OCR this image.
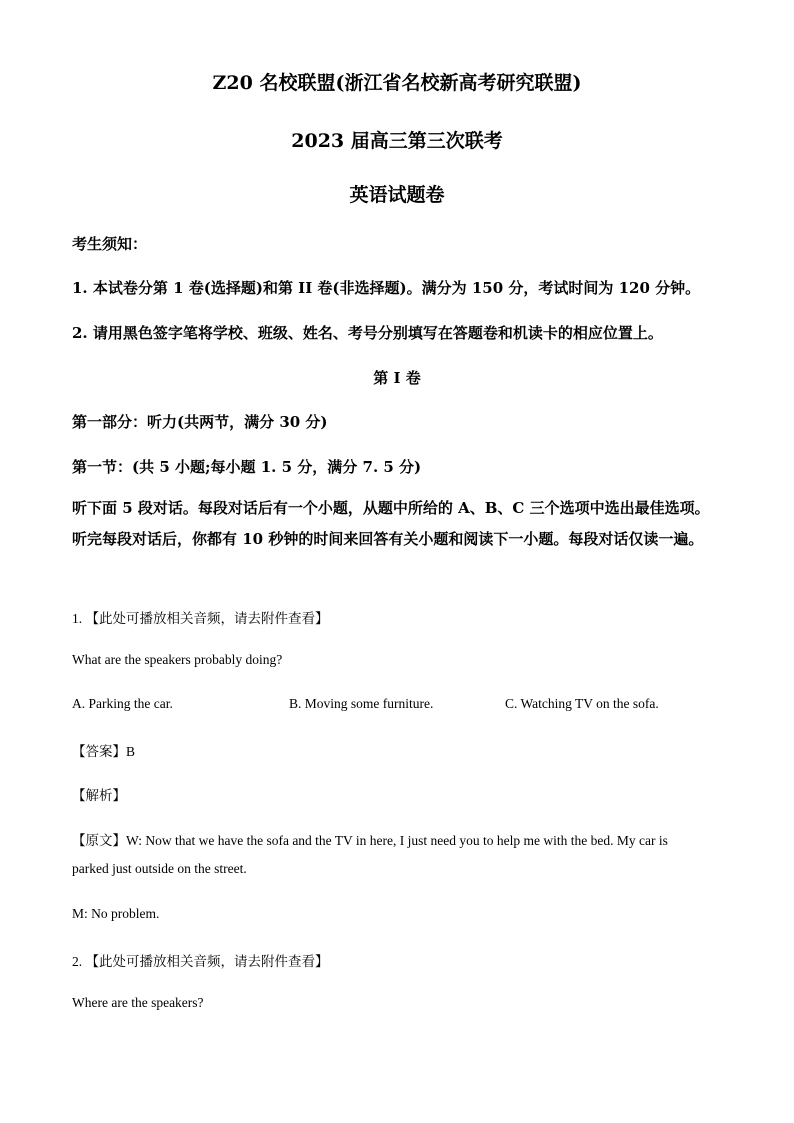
Z20 名校联盟(浙江省名校新高考研究联盟)
2023 届高三第三次联考
英语试题卷
考生须知：
1. 本试卷分第 1 卷(选择题)和第 II 卷(非选择题)。满分为 150 分，考试时间为 120 分钟。
2. 请用黑色签字笔将学校、班级、姓名、考号分别填写在答题卷和机读卡的相应位置上。
第 I 卷
第一部分：听力(共两节，满分 30 分)
第一节：(共 5 小题;每小题 1. 5 分，满分 7. 5 分)
听下面 5 段对话。每段对话后有一个小题，从题中所给的 A、B、C 三个选项中选出最佳选项。听完每段对话后，你都有 10 秒钟的时间来回答有关小题和阅读下一小题。每段对话仅读一遍。
1. 【此处可播放相关音频，请去附件查看】
What are the speakers probably doing?
A. Parking the car.	B. Moving some furniture.	C. Watching TV on the sofa.
【答案】B
【解析】
【原文】W: Now that we have the sofa and the TV in here, I just need you to help me with the bed. My car is
parked just outside on the street.
M: No problem.
2. 【此处可播放相关音频，请去附件查看】
Where are the speakers?
